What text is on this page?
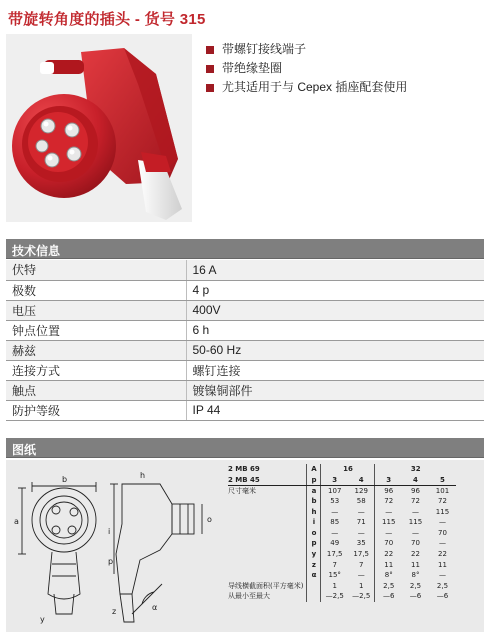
带旋转角度的插头 - 货号 315
带螺钉接线端子
带绝缘垫圈
尤其适用于与 Cepex 插座配套使用
技术信息
伏特	16 A
极数	4 p
电压	400V
钟点位置	6 h
赫兹	50-60 Hz
连接方式	螺钉连接
触点	镀镍铜部件
防护等级	IP 44
图纸
b
a
i
o
h
p
y
z	α
2 MB 69	A	16		32		
2 MB 45	p	3	4	3	4	5
尺寸毫米	a	107	129	96	96	101
	b	53	58	72	72	72
	h	—	—	—	—	115
	i	85	71	115	115	—
	o	—	—	—	—	70
	p	49	35	70	70	—
	y	17,5	17,5	22	22	22
	z	7	7	11	11	11
	α	15°	—	8°	8°	—
导线横截面积(平方毫米)		1	1	2,5	2,5	2,5
从最小至最大		—2,5	—2,5	—6	—6	—6
